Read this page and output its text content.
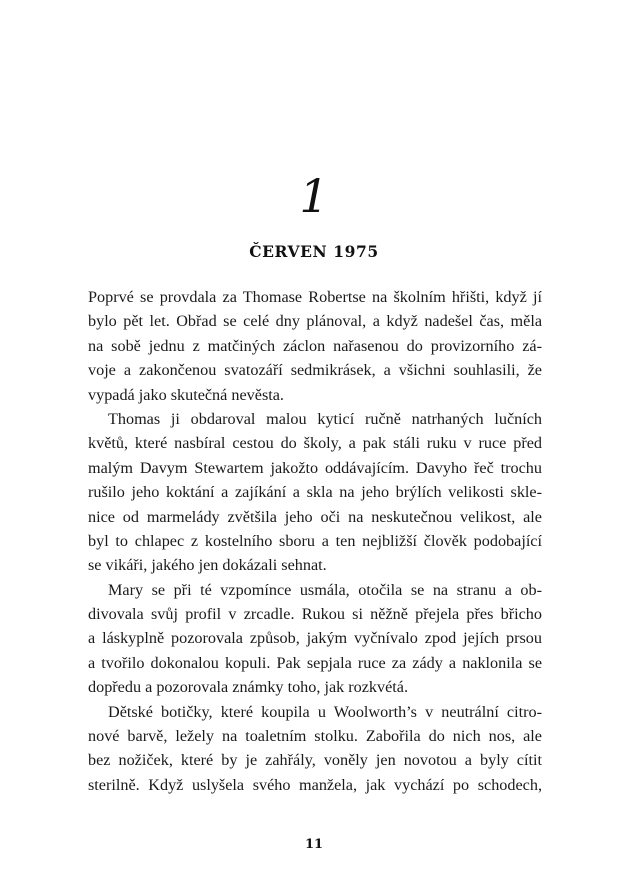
1
ČERVEN 1975
Poprvé se provdala za Thomase Robertse na školním hřišti, když jí
bylo pět let. Obřad se celé dny plánoval, a když nadešel čas, měla
na sobě jednu z matčiných záclon nařasenou do provizorního zá-
voje a zakončenou svatozáří sedmikrásek, a všichni souhlasili, že
vypadá jako skutečná nevěsta.
Thomas ji obdaroval malou kyticí ručně natrhaných lučních
květů, které nasbíral cestou do školy, a pak stáli ruku v ruce před
malým Davym Stewartem jakožto oddávajícím. Davyho řeč trochu
rušilo jeho koktání a zajíkání a skla na jeho brýlích velikosti skle-
nice od marmelády zvětšila jeho oči na neskutečnou velikost, ale
byl to chlapec z kostelního sboru a ten nejbližší člověk podobající
se vikáři, jakého jen dokázali sehnat.
Mary se při té vzpomínce usmála, otočila se na stranu a ob-
divovala svůj profil v zrcadle. Rukou si něžně přejela přes břicho
a láskyplně pozorovala způsob, jakým vyčnívalo zpod jejích prsou
a tvořilo dokonalou kopuli. Pak sepjala ruce za zády a naklonila se
dopředu a pozorovala známky toho, jak rozkvétá.
Dětské botičky, které koupila u Woolworth’s v neutrální citro-
nové barvě, ležely na toaletním stolku. Zabořila do nich nos, ale
bez nožiček, které by je zahřály, voněly jen novotou a byly cítit
sterilně. Když uslyšela svého manžela, jak vychází po schodech,
11
